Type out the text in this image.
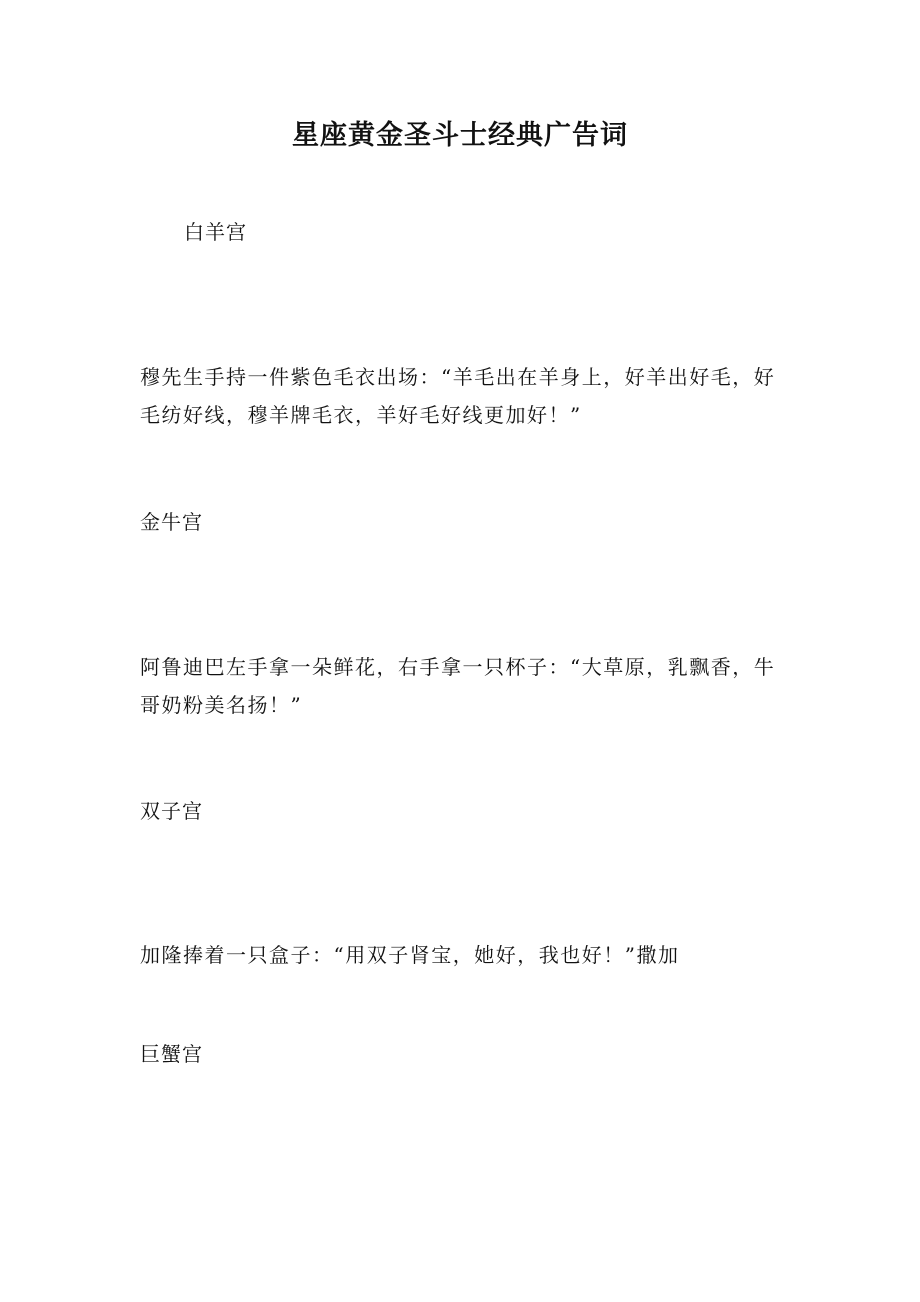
星座黄金圣斗士经典广告词
白羊宫
穆先生手持一件紫色毛衣出场：“羊毛出在羊身上，好羊出好毛，好
毛纺好线，穆羊牌毛衣，羊好毛好线更加好！”
金牛宫
阿鲁迪巴左手拿一朵鲜花，右手拿一只杯子：“大草原，乳飘香，牛
哥奶粉美名扬！”
双子宫
加隆捧着一只盒子：“用双子肾宝，她好，我也好！”撒加
巨蟹宫
